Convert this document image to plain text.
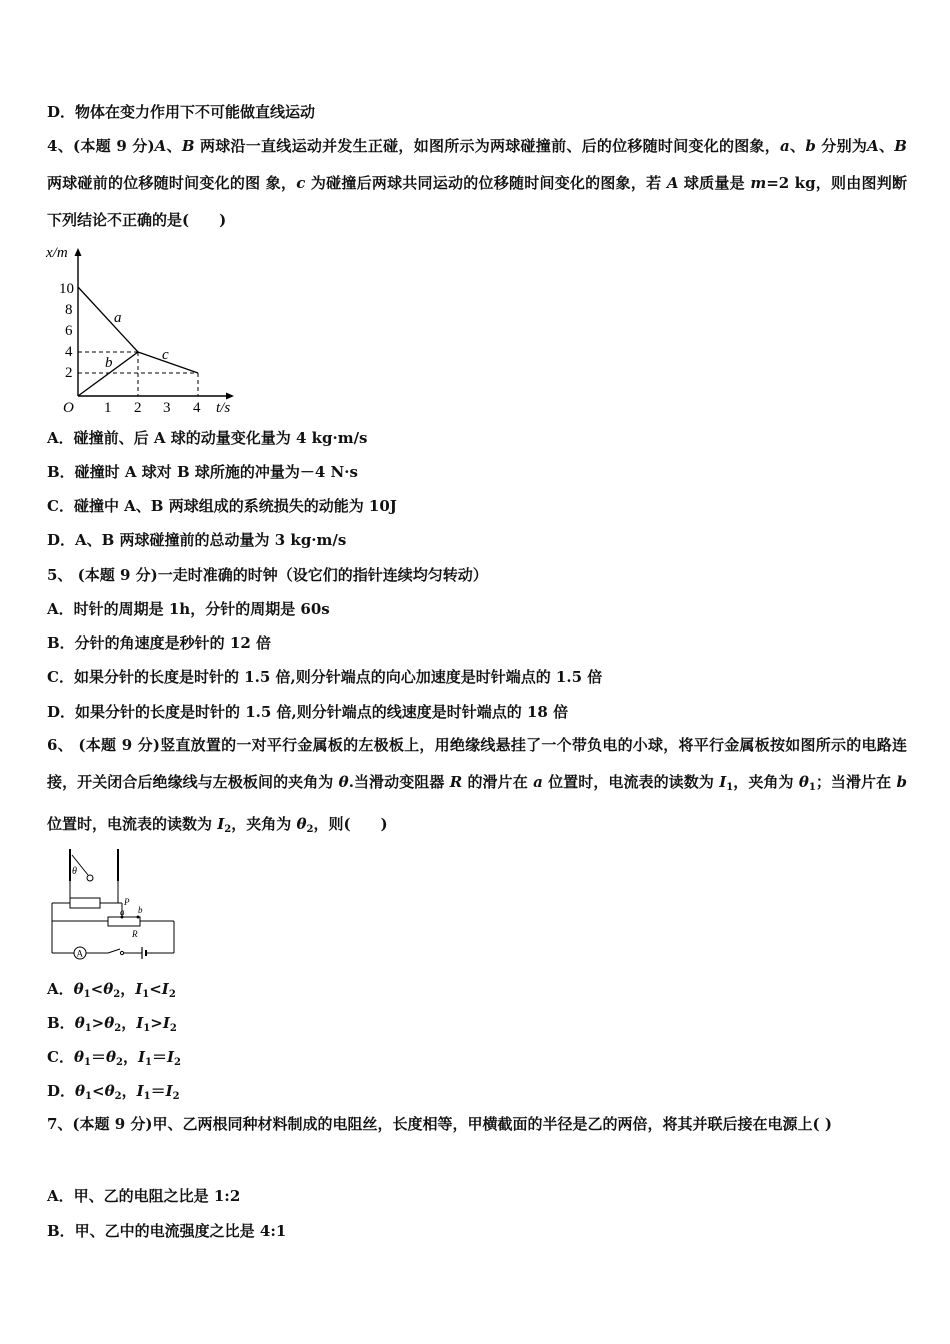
D．物体在变力作用下不可能做直线运动
4、(本题 9 分)A、B 两球沿一直线运动并发生正碰，如图所示为两球碰撞前、后的位移随时间变化的图象，a、b 分别为A、B 两球碰前的位移随时间变化的图 象，c 为碰撞后两球共同运动的位移随时间变化的图象，若 A 球质量是 m=2 kg，则由图判断下列结论不正确的是(　　)
x/m
t/s
O
10
8
6
4
2
1 2 3 4
a
b	c
A．碰撞前、后 A 球的动量变化量为 4 kg·m/s
B．碰撞时 A 球对 B 球所施的冲量为－4 N·s
C．碰撞中 A、B 两球组成的系统损失的动能为 10J
D．A、B 两球碰撞前的总动量为 3 kg·m/s
5、 (本题 9 分)一走时准确的时钟（设它们的指针连续均匀转动）
A．时针的周期是 1h，分针的周期是 60s
B．分针的角速度是秒针的 12 倍
C．如果分针的长度是时针的 1.5 倍,则分针端点的向心加速度是时针端点的 1.5 倍
D．如果分针的长度是时针的 1.5 倍,则分针端点的线速度是时针端点的 18 倍
6、 (本题 9 分)竖直放置的一对平行金属板的左极板上，用绝缘线悬挂了一个带负电的小球，将平行金属板按如图所示的电路连接，开关闭合后绝缘线与左极板间的夹角为 θ.当滑动变阻器 R 的滑片在 a 位置时，电流表的读数为 $I_1$，夹角为 $\theta_1$；当滑片在 b 位置时，电流表的读数为 $I_2$，夹角为 $\theta_2$，则(　　)
θ
P
a b
R
A
A．$\theta_1<\theta_2$，$I_1<I_2$
B．$\theta_1>\theta_2$，$I_1>I_2$
C．$\theta_1=\theta_2$，$I_1=I_2$
D．$\theta_1<\theta_2$，$I_1=I_2$
7、(本题 9 分)甲、乙两根同种材料制成的电阻丝，长度相等，甲横截面的半径是乙的两倍，将其并联后接在电源上( )
A．甲、乙的电阻之比是 1:2
B．甲、乙中的电流强度之比是 4:1
